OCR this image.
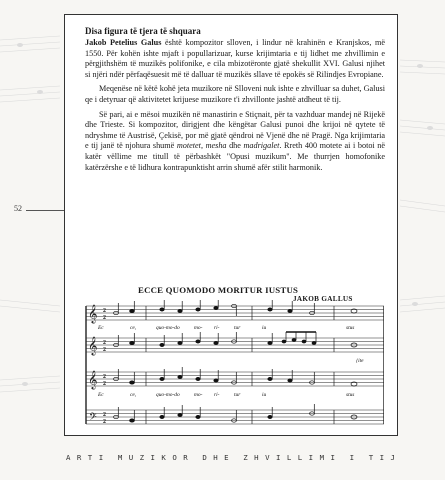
52

Disa figura të tjera të shquara

Jakob Petelius Galus është kompozitor slloven, i lindur në krahinën e Kranjskos, më 1550. Për kohën ishte mjaft i popullarizuar, kurse krijimtaria e tij lidhet me zhvillimin e përgjithshëm të muzikës polifonike, e cila mbizotëronte gjatë shekullit XVI. Galusi njihet si njëri ndër përfaqësuesit më të dalluar të muzikës sllave të epokës së Rilindjes Evropiane.

Meqenëse në këtë kohë jeta muzikore në Slloveni nuk ishte e zhvilluar sa duhet, Galusi qe i detyruar që aktivitetet krijuese muzikore t'i zhvillonte jashtë atdheut të tij.

Së pari, ai e mësoi muzikën në manastirin e Stiçnait, për ta vazhduar mandej në Rijekë dhe Trieste. Si kompozitor, dirigjent dhe këngëtar Galusi punoi dhe krijoi në qytete të ndryshme të Austrisë, Çekisë, por më gjatë qëndroi në Vjenë dhe në Pragë. Nga krijimtaria e tij janë të njohura shumë motetet, mesha dhe madrigalet. Rreth 400 motete ai i botoi në katër vëllime me titull të përbashkët "Opusi muzikum". Me thurrjen homofonike katërzërshe e të lidhura kontrapunktisht arrin shumë afër stilit harmonik.

ECCE QUOMODO MORITUR IUSTUS
JAKOB GALLUS
𝄞
𝄞
𝄞
𝄢
2
2
2
2
2
2
2
2
Ec	ce,	quo-mo-do	mo- ri-	tur	iu	stus
{ite
Ec	ce,	quo-mo-do	mo- ri-	tur	iu	stus
A R T I M U Z I K O R D H E Z H V I L L I M I I T I J
